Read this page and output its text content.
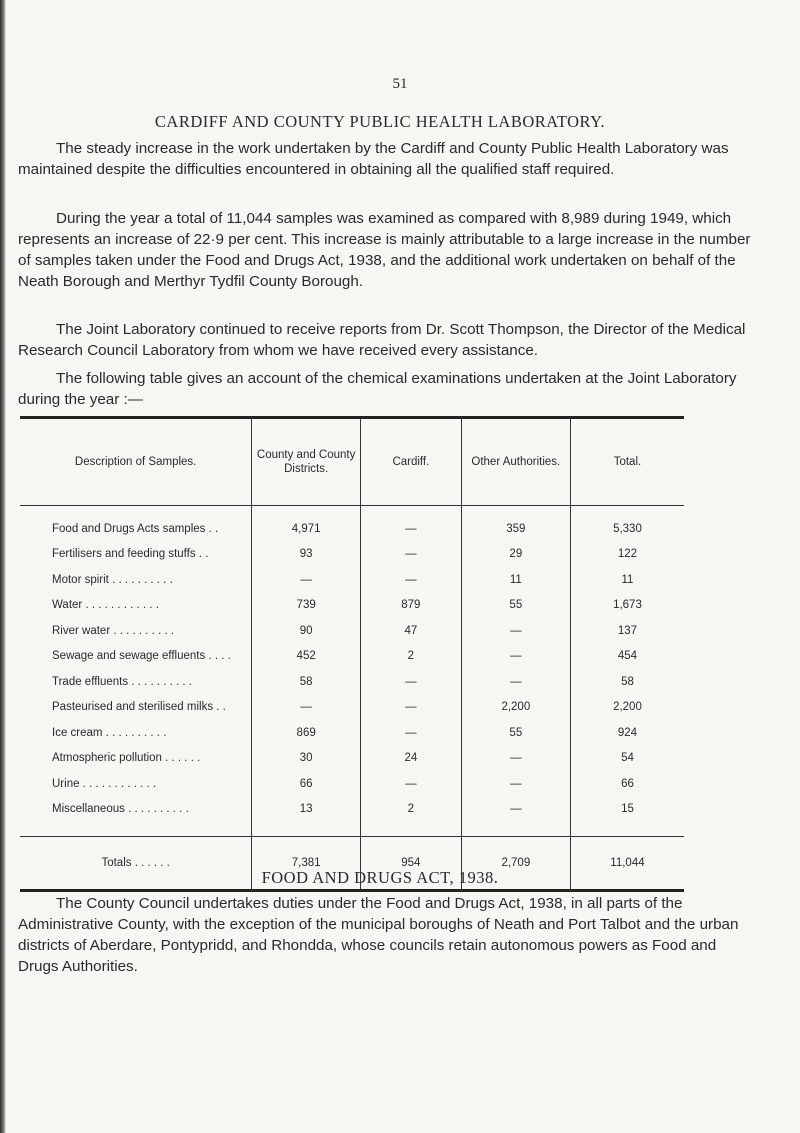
51
CARDIFF AND COUNTY PUBLIC HEALTH LABORATORY.
The steady increase in the work undertaken by the Cardiff and County Public Health Laboratory was maintained despite the difficulties encountered in obtaining all the qualified staff required.
During the year a total of 11,044 samples was examined as compared with 8,989 during 1949, which represents an increase of 22·9 per cent. This increase is mainly attributable to a large increase in the number of samples taken under the Food and Drugs Act, 1938, and the additional work undertaken on behalf of the Neath Borough and Merthyr Tydfil County Borough.
The Joint Laboratory continued to receive reports from Dr. Scott Thompson, the Director of the Medical Research Council Laboratory from whom we have received every assistance.
The following table gives an account of the chemical examinations undertaken at the Joint Laboratory during the year :—
Description of Samples.	County and County Districts.	Cardiff.	Other Authorities.	Total.
Food and Drugs Acts samples . .	4,971	—	359	5,330
Fertilisers and feeding stuffs . .	93	—	29	122
Motor spirit . . . . . . . . . .	—	—	11	11
Water . . . . . . . . . . . .	739	879	55	1,673
River water . . . . . . . . . .	90	47	—	137
Sewage and sewage effluents . . . .	452	2	—	454
Trade effluents . . . . . . . . . .	58	—	—	58
Pasteurised and sterilised milks . .	—	—	2,200	2,200
Ice cream . . . . . . . . . .	869	—	55	924
Atmospheric pollution . . . . . .	30	24	—	54
Urine . . . . . . . . . . . .	66	—	—	66
Miscellaneous . . . . . . . . . .	13	2	—	15
Totals . . . . . .	7,381	954	2,709	11,044
FOOD AND DRUGS ACT, 1938.
The County Council undertakes duties under the Food and Drugs Act, 1938, in all parts of the Administrative County, with the exception of the municipal boroughs of Neath and Port Talbot and the urban districts of Aberdare, Pontypridd, and Rhondda, whose councils retain autonomous powers as Food and Drugs Authorities.
